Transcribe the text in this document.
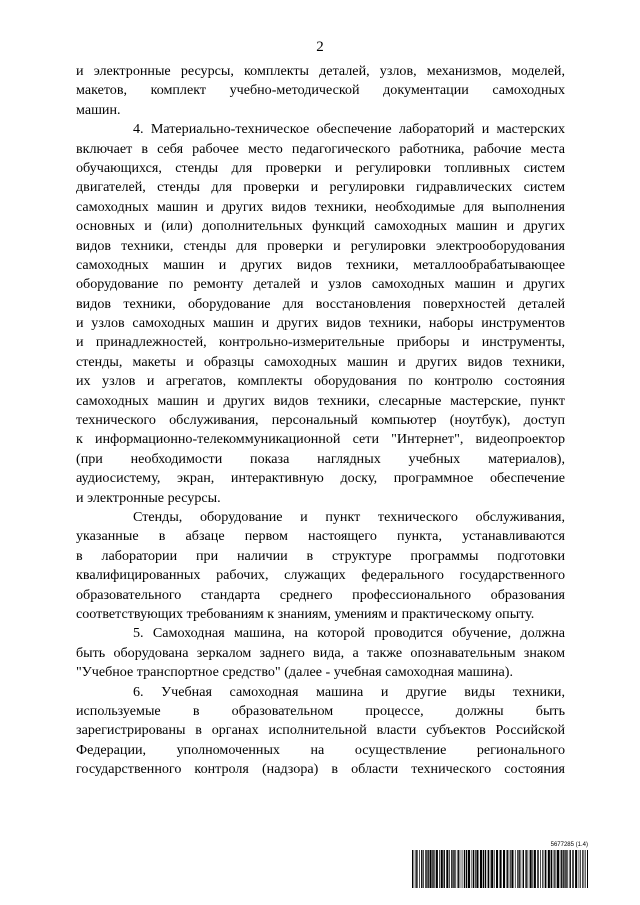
2
и электронные ресурсы, комплекты деталей, узлов, механизмов, моделей,
макетов, комплект учебно-методической документации самоходных
машин.
4. Материально-техническое обеспечение лабораторий и мастерских
включает в себя рабочее место педагогического работника, рабочие места
обучающихся, стенды для проверки и регулировки топливных систем
двигателей, стенды для проверки и регулировки гидравлических систем
самоходных машин и других видов техники, необходимые для выполнения
основных и (или) дополнительных функций самоходных машин и других
видов техники, стенды для проверки и регулировки электрооборудования
самоходных машин и других видов техники, металлообрабатывающее
оборудование по ремонту деталей и узлов самоходных машин и других
видов техники, оборудование для восстановления поверхностей деталей
и узлов самоходных машин и других видов техники, наборы инструментов
и принадлежностей, контрольно-измерительные приборы и инструменты,
стенды, макеты и образцы самоходных машин и других видов техники,
их узлов и агрегатов, комплекты оборудования по контролю состояния
самоходных машин и других видов техники, слесарные мастерские, пункт
технического обслуживания, персональный компьютер (ноутбук), доступ
к информационно-телекоммуникационной сети "Интернет", видеопроектор
(при необходимости показа наглядных учебных материалов),
аудиосистему, экран, интерактивную доску, программное обеспечение
и электронные ресурсы.
Стенды, оборудование и пункт технического обслуживания,
указанные в абзаце первом настоящего пункта, устанавливаются
в лаборатории при наличии в структуре программы подготовки
квалифицированных рабочих, служащих федерального государственного
образовательного стандарта среднего профессионального образования
соответствующих требованиям к знаниям, умениям и практическому опыту.
5. Самоходная машина, на которой проводится обучение, должна
быть оборудована зеркалом заднего вида, а также опознавательным знаком
"Учебное транспортное средство" (далее - учебная самоходная машина).
6. Учебная самоходная машина и другие виды техники,
используемые в образовательном процессе, должны быть
зарегистрированы в органах исполнительной власти субъектов Российской
Федерации, уполномоченных на осуществление регионального
государственного контроля (надзора) в области технического состояния
5677285 (1.4)
